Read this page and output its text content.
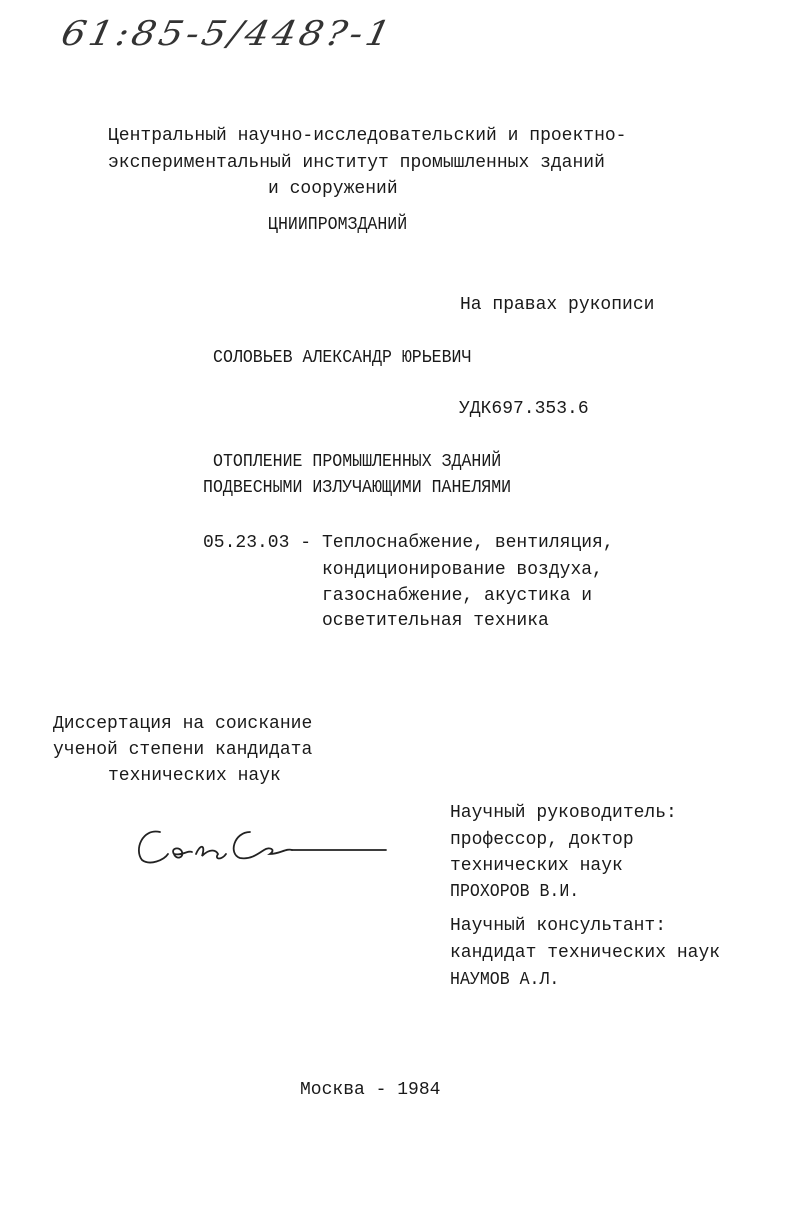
61:85-5/448?-1
Центральный научно-исследовательский и проектно-
экспериментальный институт промышленных зданий
и сооружений
ЦНИИПРОМЗДАНИЙ
На правах рукописи
СОЛОВЬЕВ АЛЕКСАНДР ЮРЬЕВИЧ
УДК697.353.6
ОТОПЛЕНИЕ ПРОМЫШЛЕННЫХ ЗДАНИЙ
ПОДВЕСНЫМИ ИЗЛУЧАЮЩИМИ ПАНЕЛЯМИ
05.23.03 - Теплоснабжение, вентиляция,
кондиционирование воздуха,
газоснабжение, акустика и
осветительная техника
Диссертация на соискание
ученой степени кандидата
технических наук
Научный руководитель:
профессор, доктор
технических наук
ПРОХОРОВ В.И.
Научный консультант:
кандидат технических наук
НАУМОВ А.Л.
Москва - 1984
